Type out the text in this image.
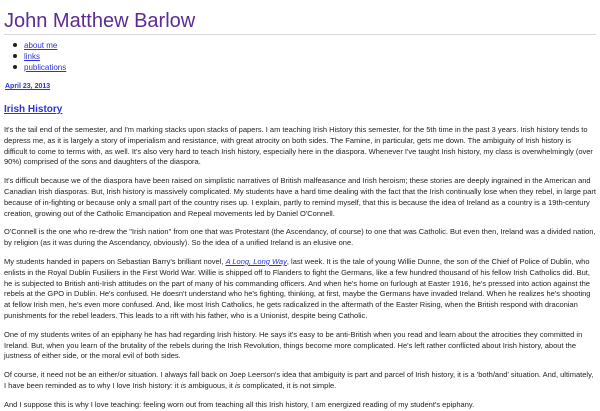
John Matthew Barlow
about me
links
publications
April 23, 2013
Irish History

It's the tail end of the semester, and I'm marking stacks upon stacks of papers. I am teaching Irish History this semester, for the 5th time in the past 3 years. Irish history tends to depress me, as it is largely a story of imperialism and resistance, with great atrocity on both sides. The Famine, in particular, gets me down. The ambiguity of Irish history is difficult to come to terms with, as well. It's also very hard to teach Irish history, especially here in the diaspora. Whenever I've taught Irish history, my class is overwhelmingly (over 90%) comprised of the sons and daughters of the diaspora.

It's difficult because we of the diaspora have been raised on simplistic narratives of British malfeasance and Irish heroism; these stories are deeply ingrained in the American and Canadian Irish diasporas. But, Irish history is massively complicated. My students have a hard time dealing with the fact that the Irish continually lose when they rebel, in large part because of in-fighting or because only a small part of the country rises up. I explain, partly to remind myself, that this is because the idea of Ireland as a country is a 19th-century creation, growing out of the Catholic Emancipation and Repeal movements led by Daniel O'Connell.

O'Connell is the one who re-drew the "Irish nation" from one that was Protestant (the Ascendancy, of course) to one that was Catholic. But even then, Ireland was a divided nation, by religion (as it was during the Ascendancy, obviously). So the idea of a unified Ireland is an elusive one.

My students handed in papers on Sebastian Barry's brilliant novel, A Long, Long Way, last week. It is the tale of young Willie Dunne, the son of the Chief of Police of Dublin, who enlists in the Royal Dublin Fusiliers in the First World War. Willie is shipped off to Flanders to fight the Germans, like a few hundred thousand of his fellow Irish Catholics did. But, he is subjected to British anti-Irish attitudes on the part of many of his commanding officers. And when he's home on furlough at Easter 1916, he's pressed into action against the rebels at the GPO in Dublin. He's confused. He doesn't understand who he's fighting, thinking, at first, maybe the Germans have invaded Ireland. When he realizes he's shooting at fellow Irish men, he's even more confused. And, like most Irish Catholics, he gets radicalized in the aftermath of the Easter Rising, when the British respond with draconian punishments for the rebel leaders. This leads to a rift with his father, who is a Unionist, despite being Catholic.

One of my students writes of an epiphany he has had regarding Irish history. He says it's easy to be anti-British when you read and learn about the atrocities they committed in Ireland. But, when you learn of the brutality of the rebels during the Irish Revolution, things become more complicated. He's left rather conflicted about Irish history, about the justness of either side, or the moral evil of both sides.

Of course, it need not be an either/or situation. I always fall back on Joep Leerson's idea that ambiguity is part and parcel of Irish history, it is a 'both/and' situation. And, ultimately, I have been reminded as to why I love Irish history: it is ambiguous, it is complicated, it is not simple.

And I suppose this is why I love teaching: feeling worn out from teaching all this Irish history, I am energized reading of my student's epiphany.
